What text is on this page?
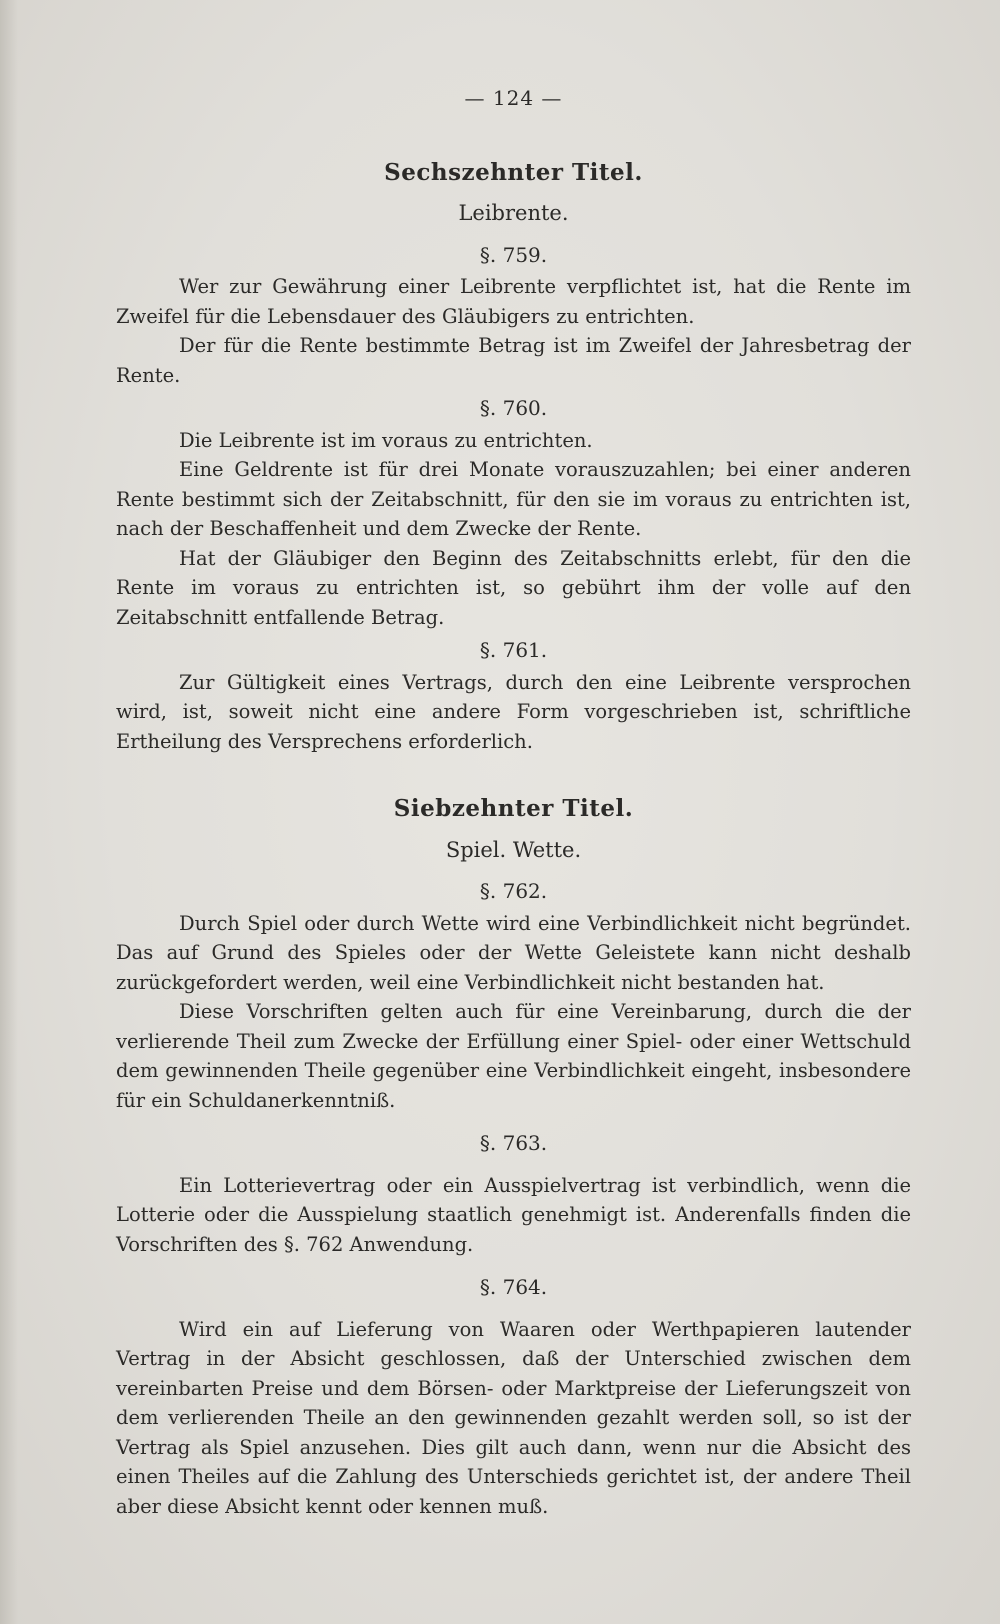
— 124 —
Sechszehnter Titel.
Leibrente.
§. 759.

Wer zur Gewährung einer Leibrente verpflichtet ist, hat die Rente im Zweifel für die Lebensdauer des Gläubigers zu entrichten.

Der für die Rente bestimmte Betrag ist im Zweifel der Jahresbetrag der Rente.

§. 760.

Die Leibrente ist im voraus zu entrichten.

Eine Geldrente ist für drei Monate vorauszuzahlen; bei einer anderen Rente bestimmt sich der Zeitabschnitt, für den sie im voraus zu entrichten ist, nach der Beschaffenheit und dem Zwecke der Rente.

Hat der Gläubiger den Beginn des Zeitabschnitts erlebt, für den die Rente im voraus zu entrichten ist, so gebührt ihm der volle auf den Zeitabschnitt entfallende Betrag.

§. 761.

Zur Gültigkeit eines Vertrags, durch den eine Leibrente versprochen wird, ist, soweit nicht eine andere Form vorgeschrieben ist, schriftliche Ertheilung des Versprechens erforderlich.

Siebzehnter Titel.
Spiel. Wette.
§. 762.

Durch Spiel oder durch Wette wird eine Verbindlichkeit nicht begründet. Das auf Grund des Spieles oder der Wette Geleistete kann nicht deshalb zurückgefordert werden, weil eine Verbindlichkeit nicht bestanden hat.

Diese Vorschriften gelten auch für eine Vereinbarung, durch die der verlierende Theil zum Zwecke der Erfüllung einer Spiel- oder einer Wettschuld dem gewinnenden Theile gegenüber eine Verbindlichkeit eingeht, insbesondere für ein Schuldanerkenntniß.

§. 763.

Ein Lotterievertrag oder ein Ausspielvertrag ist verbindlich, wenn die Lotterie oder die Ausspielung staatlich genehmigt ist. Anderenfalls finden die Vorschriften des §. 762 Anwendung.

§. 764.

Wird ein auf Lieferung von Waaren oder Werthpapieren lautender Vertrag in der Absicht geschlossen, daß der Unterschied zwischen dem vereinbarten Preise und dem Börsen- oder Marktpreise der Lieferungszeit von dem verlierenden Theile an den gewinnenden gezahlt werden soll, so ist der Vertrag als Spiel anzusehen. Dies gilt auch dann, wenn nur die Absicht des einen Theiles auf die Zahlung des Unterschieds gerichtet ist, der andere Theil aber diese Absicht kennt oder kennen muß.
